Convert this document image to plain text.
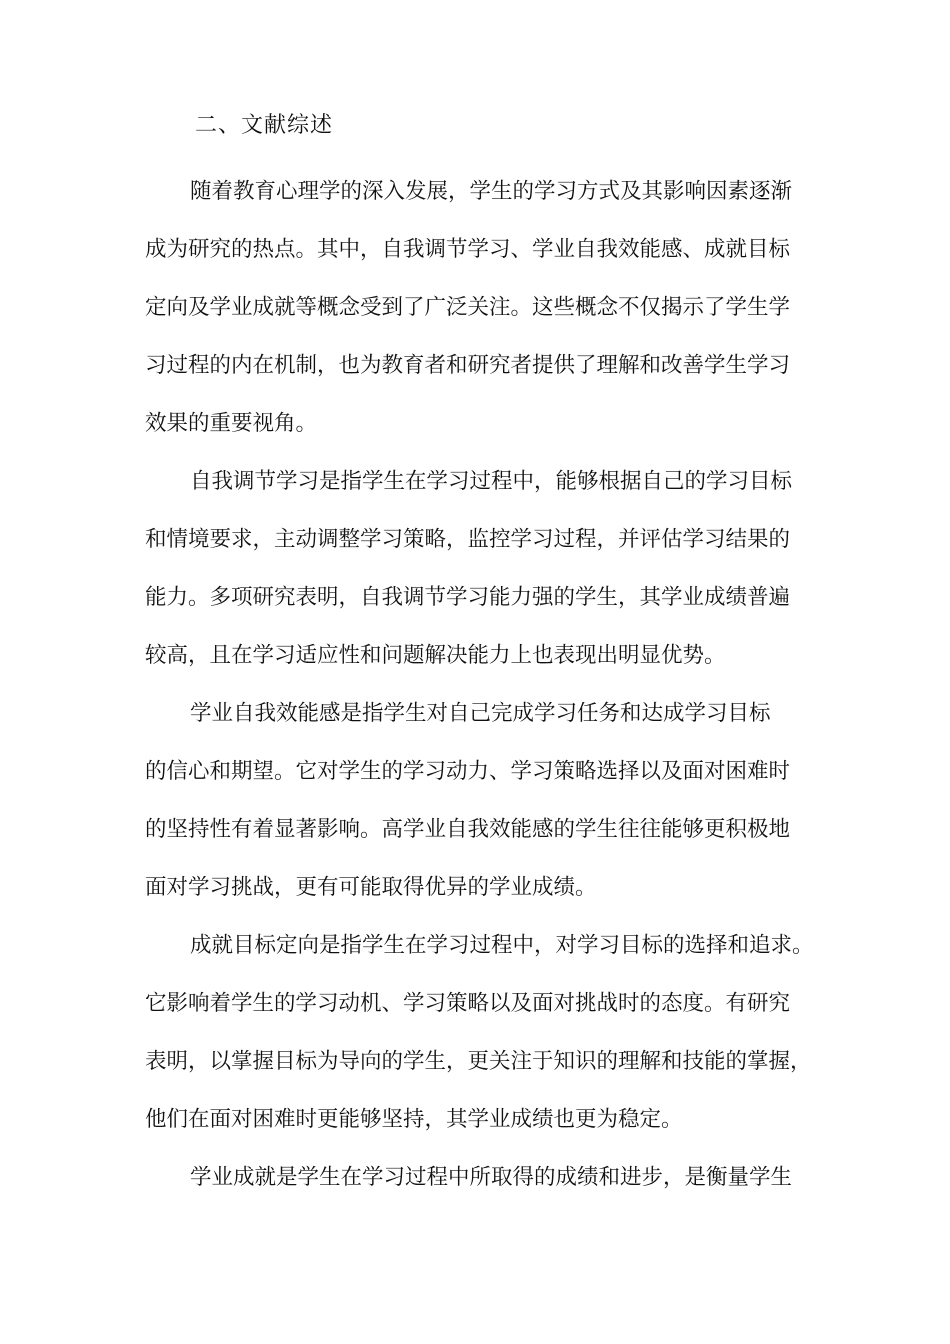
二、文献综述
随着教育心理学的深入发展，学生的学习方式及其影响因素逐渐
成为研究的热点。其中，自我调节学习、学业自我效能感、成就目标
定向及学业成就等概念受到了广泛关注。这些概念不仅揭示了学生学
习过程的内在机制，也为教育者和研究者提供了理解和改善学生学习
效果的重要视角。
自我调节学习是指学生在学习过程中，能够根据自己的学习目标
和情境要求，主动调整学习策略，监控学习过程，并评估学习结果的
能力。多项研究表明，自我调节学习能力强的学生，其学业成绩普遍
较高，且在学习适应性和问题解决能力上也表现出明显优势。
学业自我效能感是指学生对自己完成学习任务和达成学习目标
的信心和期望。它对学生的学习动力、学习策略选择以及面对困难时
的坚持性有着显著影响。高学业自我效能感的学生往往能够更积极地
面对学习挑战，更有可能取得优异的学业成绩。
成就目标定向是指学生在学习过程中，对学习目标的选择和追求。
它影响着学生的学习动机、学习策略以及面对挑战时的态度。有研究
表明，以掌握目标为导向的学生，更关注于知识的理解和技能的掌握，
他们在面对困难时更能够坚持，其学业成绩也更为稳定。
学业成就是学生在学习过程中所取得的成绩和进步，是衡量学生
